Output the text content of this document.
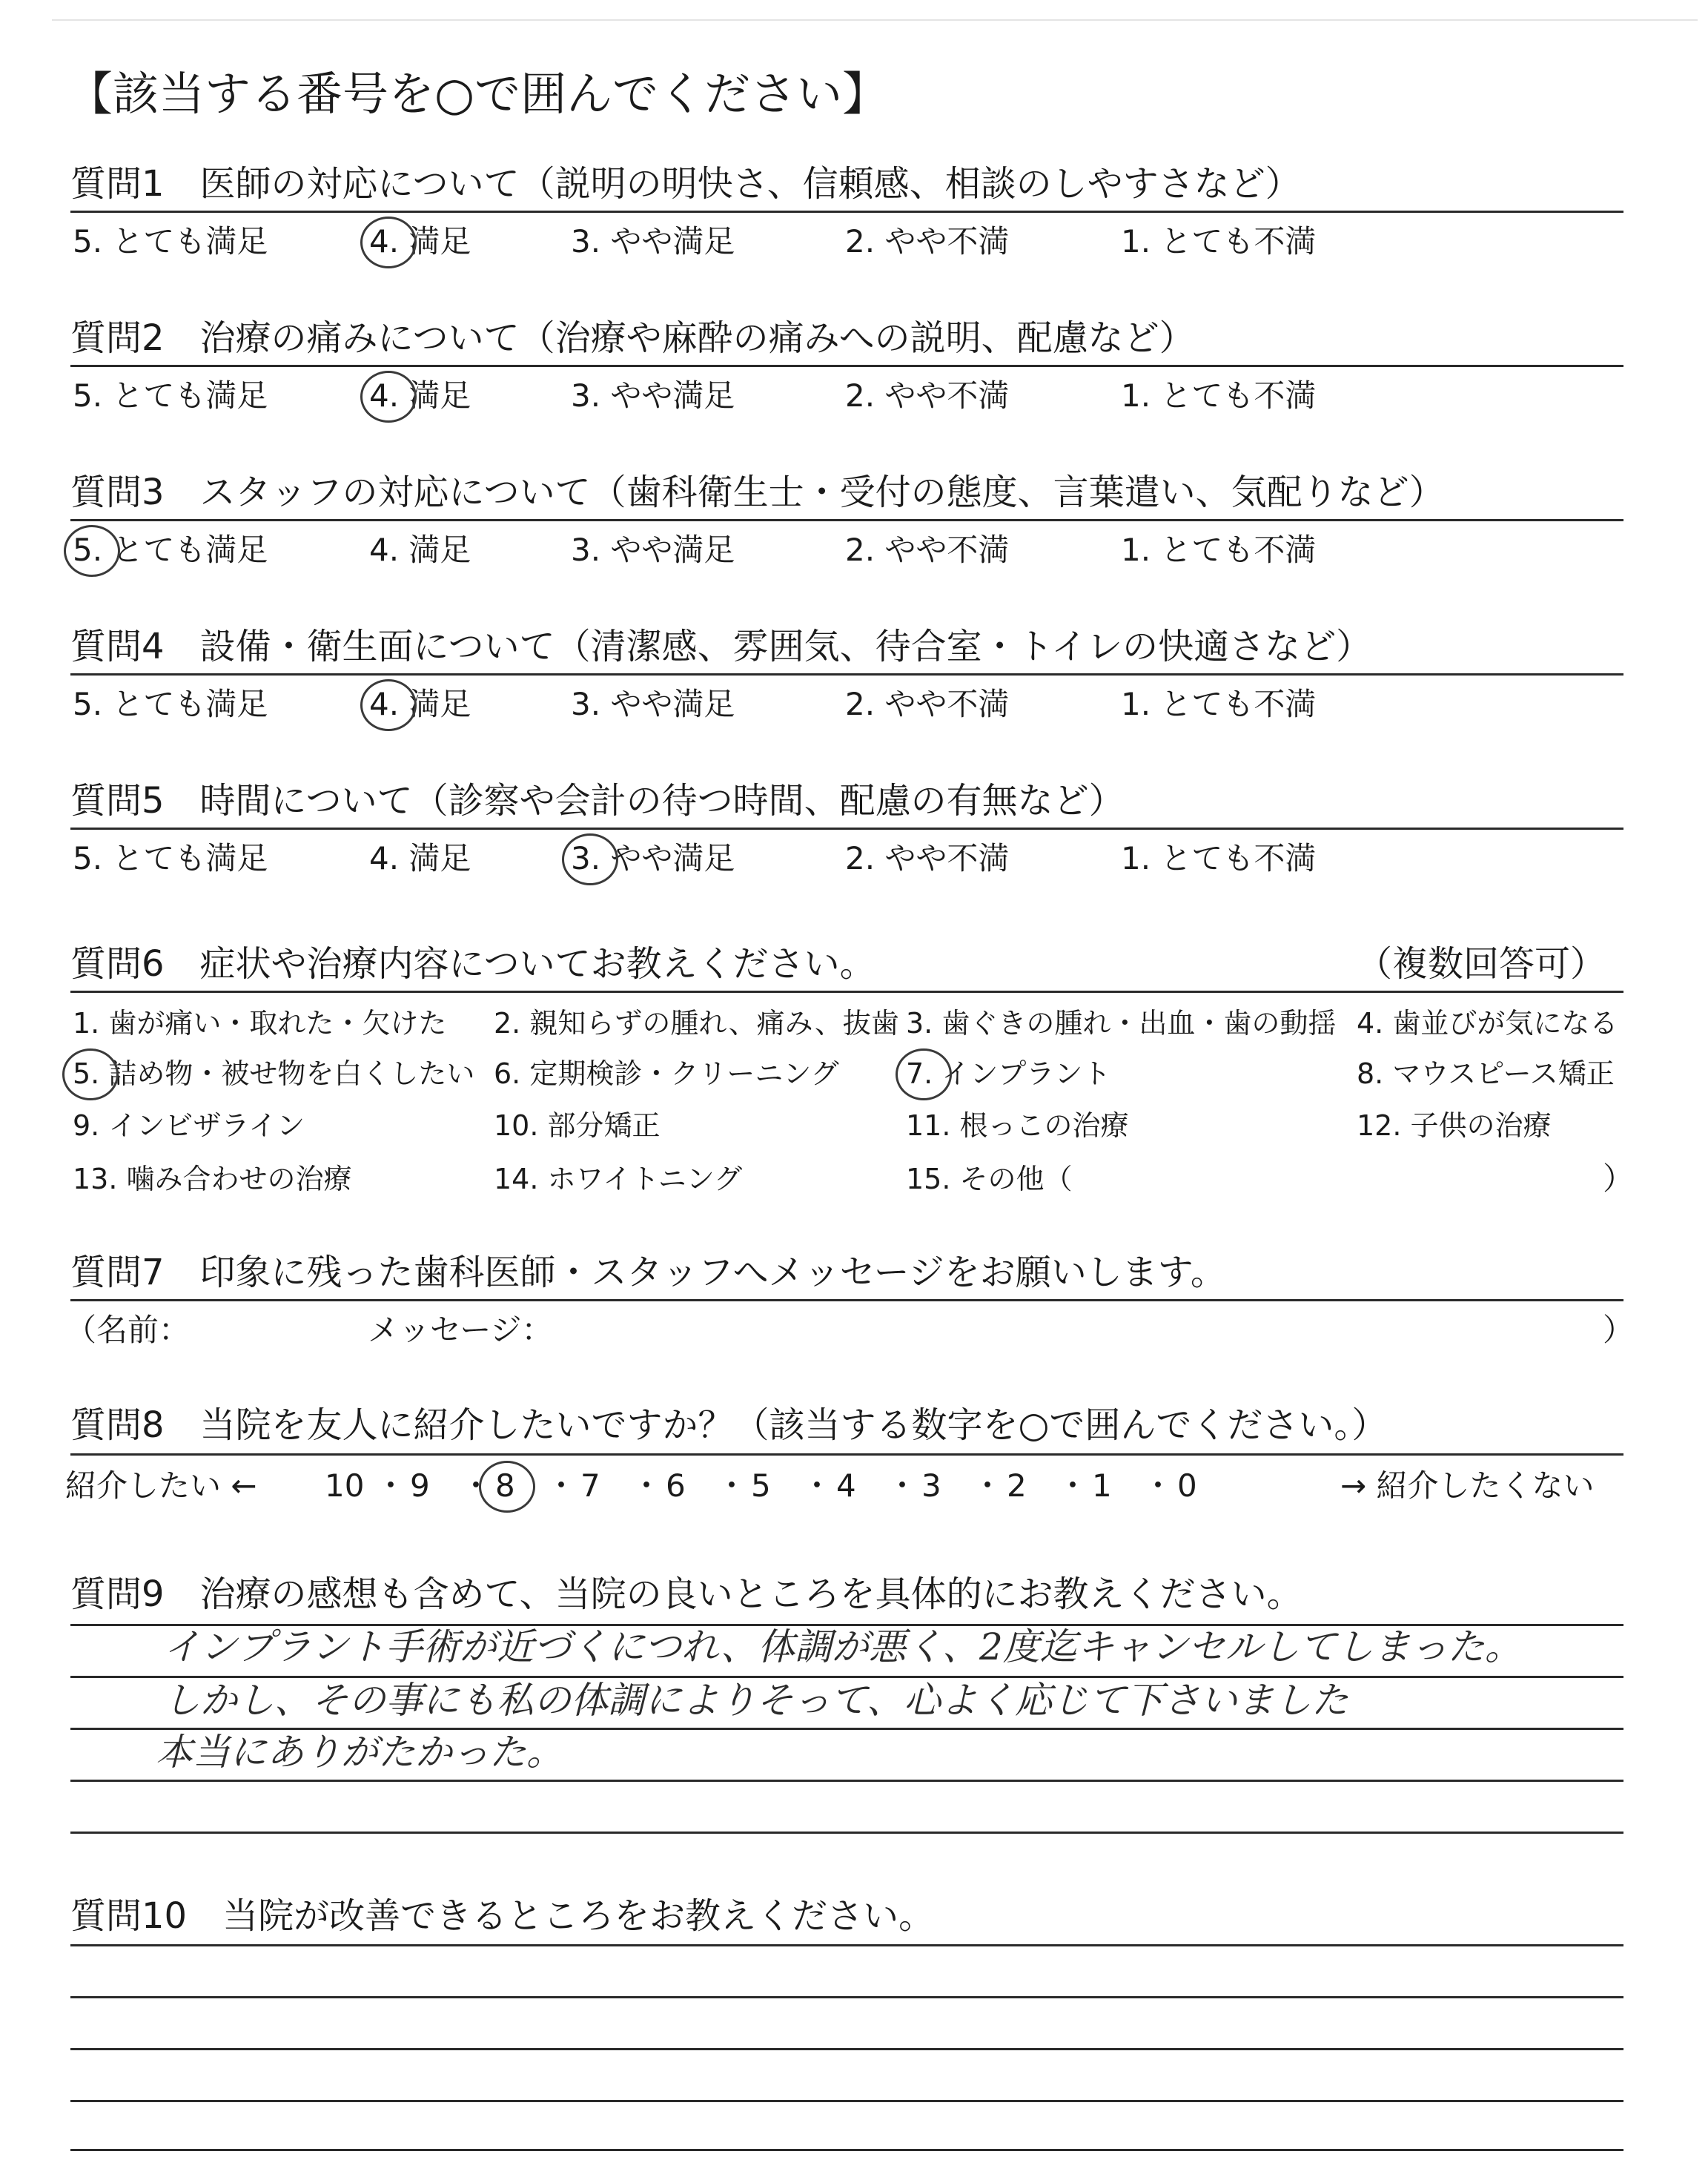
【該当する番号を○で囲んでください】
質問1　医師の対応について（説明の明快さ、信頼感、相談のしやすさなど）
5. とても満足	4. 満足	3. やや満足	2. やや不満	1. とても不満
質問2　治療の痛みについて（治療や麻酔の痛みへの説明、配慮など）
5. とても満足	4. 満足	3. やや満足	2. やや不満	1. とても不満
質問3　スタッフの対応について（歯科衛生士・受付の態度、言葉遣い、気配りなど）
5. とても満足	4. 満足	3. やや満足	2. やや不満	1. とても不満
質問4　設備・衛生面について（清潔感、雰囲気、待合室・トイレの快適さなど）
5. とても満足	4. 満足	3. やや満足	2. やや不満	1. とても不満
質問5　時間について（診察や会計の待つ時間、配慮の有無など）
5. とても満足	4. 満足	3. やや満足	2. やや不満	1. とても不満
質問6　症状や治療内容についてお教えください。	（複数回答可）
1. 歯が痛い・取れた・欠けた 2. 親知らずの腫れ、痛み、抜歯 3. 歯ぐきの腫れ・出血・歯の動揺 4. 歯並びが気になる
5. 詰め物・被せ物を白くしたい 6. 定期検診・クリーニング 7. インプラント	8. マウスピース矯正
9. インビザライン	10. 部分矯正	11. 根っこの治療	12. 子供の治療
13. 噛み合わせの治療	14. ホワイトニング	15. その他（	）
質問7　印象に残った歯科医師・スタッフへメッセージをお願いします。
（名前：	メッセージ：	）
質問8　当院を友人に紹介したいですか？（該当する数字を○で囲んでください。）
紹介したい ← 10 ・ 9 ・ 8 ・ 7 ・ 6 ・ 5 ・ 4 ・ 3 ・ 2 ・ 1 ・ 0	→ 紹介したくない
質問9　治療の感想も含めて、当院の良いところを具体的にお教えください。
インプラント手術が近づくにつれ、体調が悪く、2度迄キャンセルしてしまった。
しかし、その事にも私の体調によりそって、心よく応じて下さいました
本当にありがたかった。
質問10　当院が改善できるところをお教えください。
